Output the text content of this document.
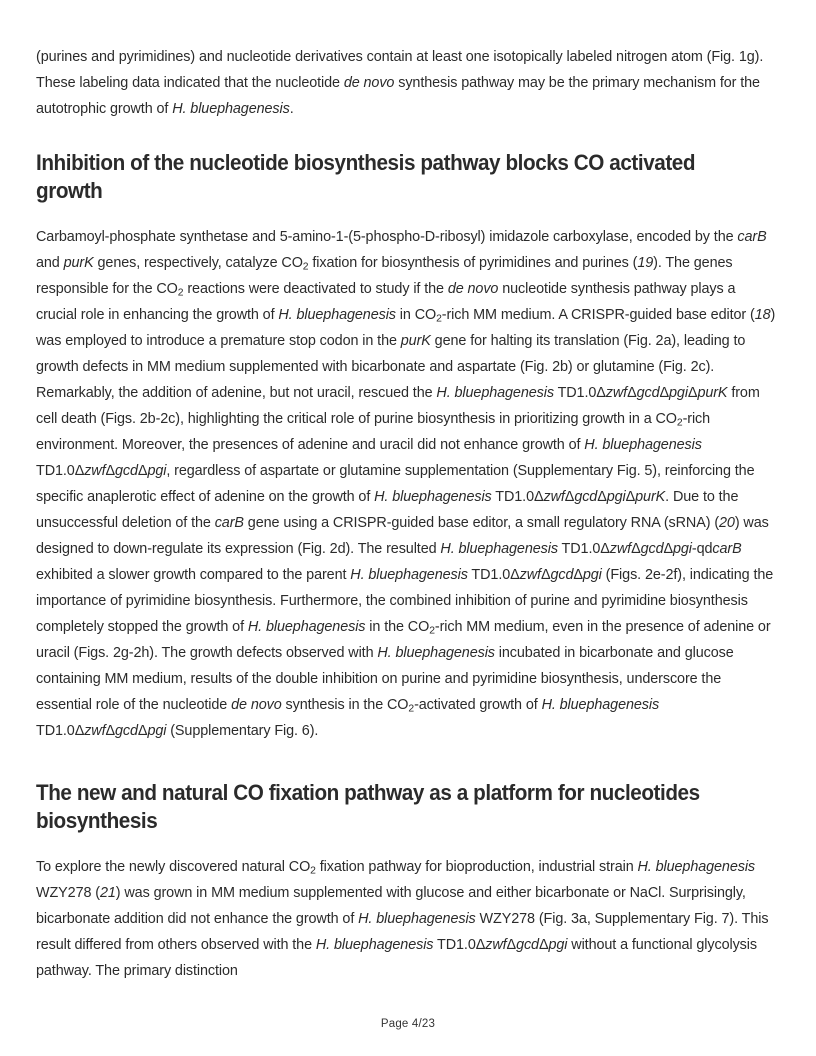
(purines and pyrimidines) and nucleotide derivatives contain at least one isotopically labeled nitrogen atom (Fig. 1g). These labeling data indicated that the nucleotide de novo synthesis pathway may be the primary mechanism for the autotrophic growth of H. bluephagenesis.

Inhibition of the nucleotide biosynthesis pathway blocks CO activated growth

Carbamoyl-phosphate synthetase and 5-amino-1-(5-phospho-D-ribosyl) imidazole carboxylase, encoded by the carB and purK genes, respectively, catalyze $CO_2$ fixation for biosynthesis of pyrimidines and purines (19). The genes responsible for the $CO_2$ reactions were deactivated to study if the de novo nucleotide synthesis pathway plays a crucial role in enhancing the growth of H. bluephagenesis in $CO_2$-rich MM medium. A CRISPR-guided base editor (18) was employed to introduce a premature stop codon in the purK gene for halting its translation (Fig. 2a), leading to growth defects in MM medium supplemented with bicarbonate and aspartate (Fig. 2b) or glutamine (Fig. 2c). Remarkably, the addition of adenine, but not uracil, rescued the H. bluephagenesis TD1.0ΔzwfΔgcdΔpgiΔpurK from cell death (Figs. 2b-2c), highlighting the critical role of purine biosynthesis in prioritizing growth in a $CO_2$-rich environment. Moreover, the presences of adenine and uracil did not enhance growth of H. bluephagenesis TD1.0ΔzwfΔgcdΔpgi, regardless of aspartate or glutamine supplementation (Supplementary Fig. 5), reinforcing the specific anaplerotic effect of adenine on the growth of H. bluephagenesis TD1.0ΔzwfΔgcdΔpgiΔpurK. Due to the unsuccessful deletion of the carB gene using a CRISPR-guided base editor, a small regulatory RNA (sRNA) (20) was designed to down-regulate its expression (Fig. 2d). The resulted H. bluephagenesis TD1.0ΔzwfΔgcdΔpgi-qdcarB exhibited a slower growth compared to the parent H. bluephagenesis TD1.0ΔzwfΔgcdΔpgi (Figs. 2e-2f), indicating the importance of pyrimidine biosynthesis. Furthermore, the combined inhibition of purine and pyrimidine biosynthesis completely stopped the growth of H. bluephagenesis in the $CO_2$-rich MM medium, even in the presence of adenine or uracil (Figs. 2g-2h). The growth defects observed with H. bluephagenesis incubated in bicarbonate and glucose containing MM medium, results of the double inhibition on purine and pyrimidine biosynthesis, underscore the essential role of the nucleotide de novo synthesis in the $CO_2$-activated growth of H. bluephagenesis TD1.0ΔzwfΔgcdΔpgi (Supplementary Fig. 6).

The new and natural CO fixation pathway as a platform for nucleotides biosynthesis

To explore the newly discovered natural $CO_2$ fixation pathway for bioproduction, industrial strain H. bluephagenesis WZY278 (21) was grown in MM medium supplemented with glucose and either bicarbonate or NaCl. Surprisingly, bicarbonate addition did not enhance the growth of H. bluephagenesis WZY278 (Fig. 3a, Supplementary Fig. 7). This result differed from others observed with the H. bluephagenesis TD1.0ΔzwfΔgcdΔpgi without a functional glycolysis pathway. The primary distinction

Page 4/23
